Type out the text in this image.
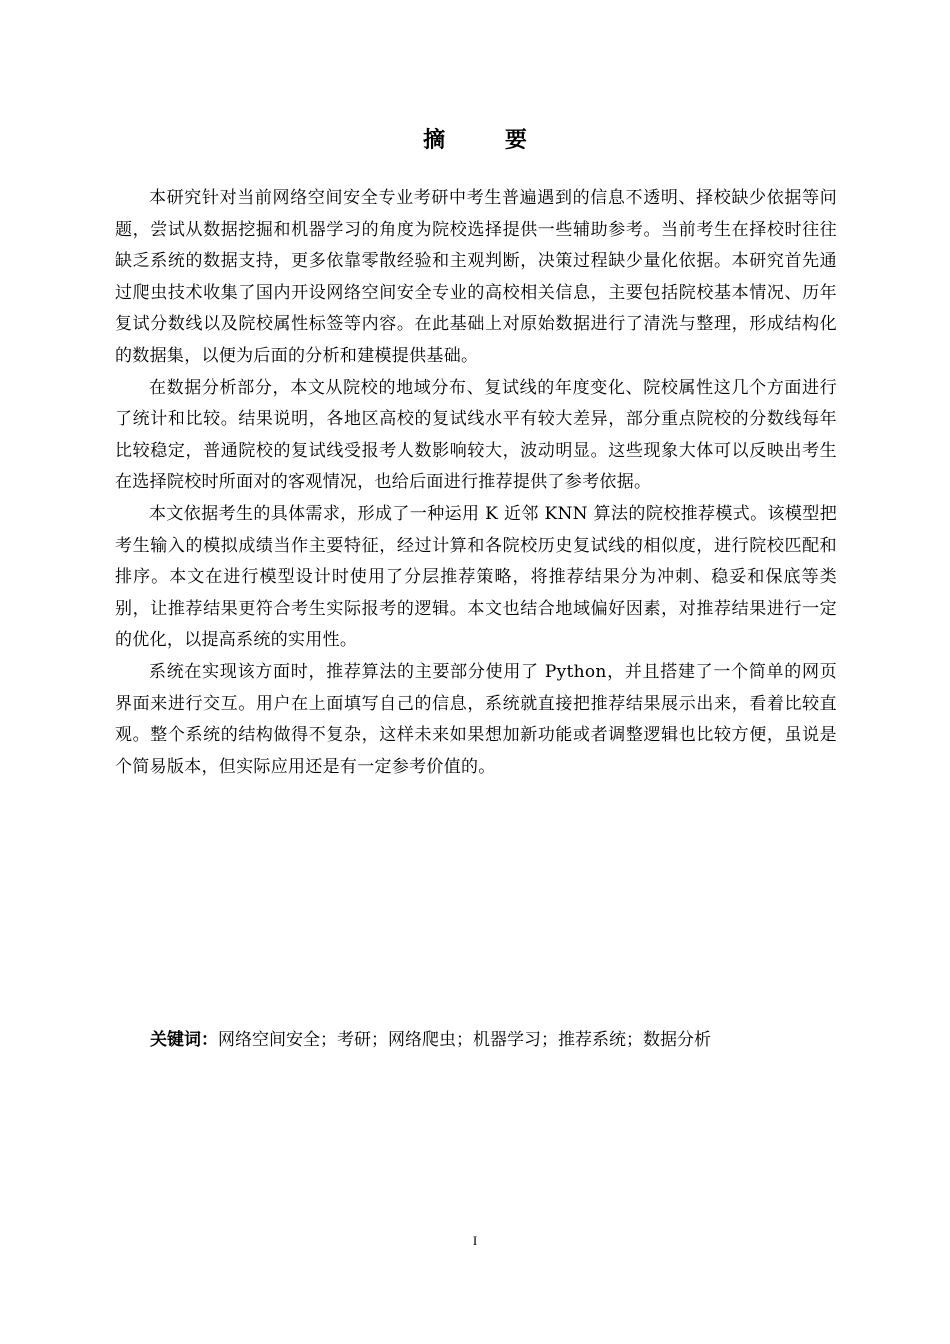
摘 要

本研究针对当前网络空间安全专业考研中考生普遍遇到的信息不透明、择校缺少依据等问题，尝试从数据挖掘和机器学习的角度为院校选择提供一些辅助参考。当前考生在择校时往往缺乏系统的数据支持，更多依靠零散经验和主观判断，决策过程缺少量化依据。本研究首先通过爬虫技术收集了国内开设网络空间安全专业的高校相关信息，主要包括院校基本情况、历年复试分数线以及院校属性标签等内容。在此基础上对原始数据进行了清洗与整理，形成结构化的数据集，以便为后面的分析和建模提供基础。

在数据分析部分，本文从院校的地域分布、复试线的年度变化、院校属性这几个方面进行了统计和比较。结果说明，各地区高校的复试线水平有较大差异，部分重点院校的分数线每年比较稳定，普通院校的复试线受报考人数影响较大，波动明显。这些现象大体可以反映出考生在选择院校时所面对的客观情况，也给后面进行推荐提供了参考依据。

本文依据考生的具体需求，形成了一种运用 K 近邻 KNN 算法的院校推荐模式。该模型把考生输入的模拟成绩当作主要特征，经过计算和各院校历史复试线的相似度，进行院校匹配和排序。本文在进行模型设计时使用了分层推荐策略，将推荐结果分为冲刺、稳妥和保底等类别，让推荐结果更符合考生实际报考的逻辑。本文也结合地域偏好因素，对推荐结果进行一定的优化，以提高系统的实用性。

系统在实现该方面时，推荐算法的主要部分使用了 Python，并且搭建了一个简单的网页界面来进行交互。用户在上面填写自己的信息，系统就直接把推荐结果展示出来，看着比较直观。整个系统的结构做得不复杂，这样未来如果想加新功能或者调整逻辑也比较方便，虽说是个简易版本，但实际应用还是有一定参考价值的。

关键词：网络空间安全；考研；网络爬虫；机器学习；推荐系统；数据分析
I
